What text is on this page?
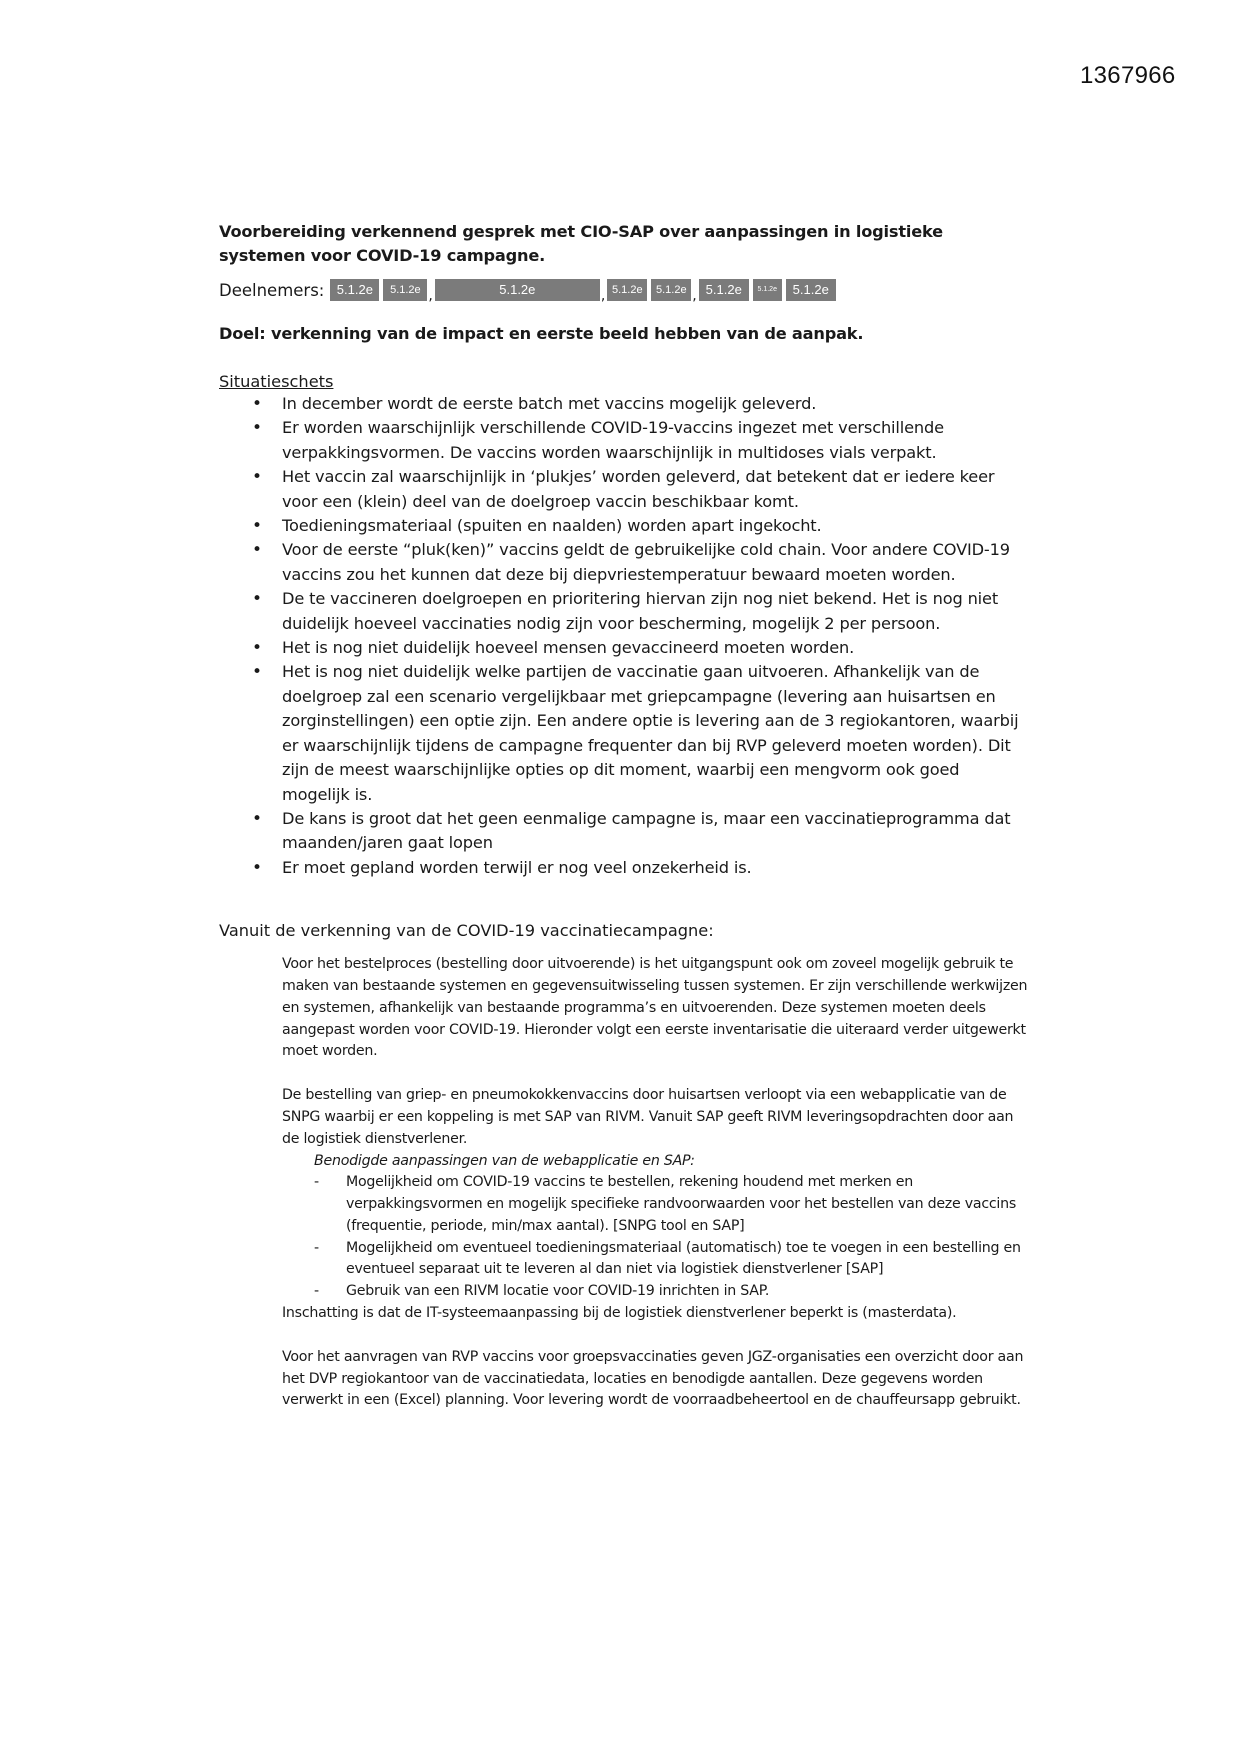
1367966

Voorbereiding verkennend gesprek met CIO-SAP over aanpassingen in logistieke systemen voor COVID-19 campagne.

Deelnemers: 5.1.2e	5.1.2e ,	5.1.2e	, 5.1.2e	5.1.2e , 5.1.2e	5.1.2e	5.1.2e
Doel: verkenning van de impact en eerste beeld hebben van de aanpak.
Situatieschets
• In december wordt de eerste batch met vaccins mogelijk geleverd.
• Er worden waarschijnlijk verschillende COVID-19-vaccins ingezet met verschillende verpakkingsvormen. De vaccins worden waarschijnlijk in multidoses vials verpakt.
• Het vaccin zal waarschijnlijk in ‘plukjes’ worden geleverd, dat betekent dat er iedere keer voor een (klein) deel van de doelgroep vaccin beschikbaar komt.
• Toedieningsmateriaal (spuiten en naalden) worden apart ingekocht.
• Voor de eerste “pluk(ken)” vaccins geldt de gebruikelijke cold chain. Voor andere COVID-19 vaccins zou het kunnen dat deze bij diepvriestemperatuur bewaard moeten worden.
• De te vaccineren doelgroepen en prioritering hiervan zijn nog niet bekend. Het is nog niet duidelijk hoeveel vaccinaties nodig zijn voor bescherming, mogelijk 2 per persoon.
• Het is nog niet duidelijk hoeveel mensen gevaccineerd moeten worden.
• Het is nog niet duidelijk welke partijen de vaccinatie gaan uitvoeren. Afhankelijk van de doelgroep zal een scenario vergelijkbaar met griepcampagne (levering aan huisartsen en zorginstellingen) een optie zijn. Een andere optie is levering aan de 3 regiokantoren, waarbij er waarschijnlijk tijdens de campagne frequenter dan bij RVP geleverd moeten worden). Dit zijn de meest waarschijnlijke opties op dit moment, waarbij een mengvorm ook goed mogelijk is.
• De kans is groot dat het geen eenmalige campagne is, maar een vaccinatieprogramma dat maanden/jaren gaat lopen
• Er moet gepland worden terwijl er nog veel onzekerheid is.
Vanuit de verkenning van de COVID-19 vaccinatiecampagne:

Voor het bestelproces (bestelling door uitvoerende) is het uitgangspunt ook om zoveel mogelijk gebruik te maken van bestaande systemen en gegevensuitwisseling tussen systemen. Er zijn verschillende werkwijzen en systemen, afhankelijk van bestaande programma’s en uitvoerenden. Deze systemen moeten deels aangepast worden voor COVID-19. Hieronder volgt een eerste inventarisatie die uiteraard verder uitgewerkt moet worden.

De bestelling van griep- en pneumokokkenvaccins door huisartsen verloopt via een webapplicatie van de SNPG waarbij er een koppeling is met SAP van RIVM. Vanuit SAP geeft RIVM leveringsopdrachten door aan de logistiek dienstverlener.

Benodigde aanpassingen van de webapplicatie en SAP:

- Mogelijkheid om COVID-19 vaccins te bestellen, rekening houdend met merken en verpakkingsvormen en mogelijk specifieke randvoorwaarden voor het bestellen van deze vaccins (frequentie, periode, min/max aantal). [SNPG tool en SAP]
- Mogelijkheid om eventueel toedieningsmateriaal (automatisch) toe te voegen in een bestelling en eventueel separaat uit te leveren al dan niet via logistiek dienstverlener [SAP]
- Gebruik van een RIVM locatie voor COVID-19 inrichten in SAP.

Inschatting is dat de IT-systeemaanpassing bij de logistiek dienstverlener beperkt is (masterdata).

Voor het aanvragen van RVP vaccins voor groepsvaccinaties geven JGZ-organisaties een overzicht door aan het DVP regiokantoor van de vaccinatiedata, locaties en benodigde aantallen. Deze gegevens worden verwerkt in een (Excel) planning. Voor levering wordt de voorraadbeheertool en de chauffeursapp gebruikt.
